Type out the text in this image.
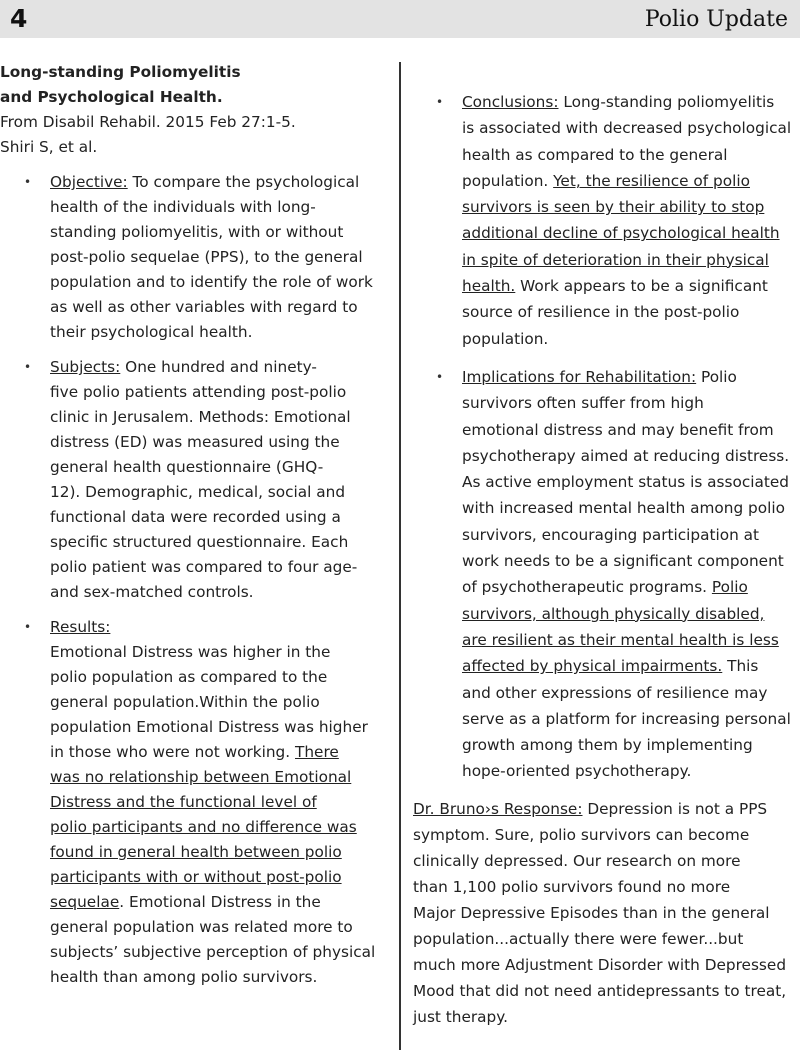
4	Polio Update
Long-standing Poliomyelitis
and Psychological Health.
From Disabil Rehabil. 2015 Feb 27:1-5.
Shiri S, et al.
• Objective: To compare the psychological
health of the individuals with long-
standing poliomyelitis, with or without
post-polio sequelae (PPS), to the general
population and to identify the role of work
as well as other variables with regard to
their psychological health.
• Subjects: One hundred and ninety-
five polio patients attending post-polio
clinic in Jerusalem. Methods: Emotional
distress (ED) was measured using the
general health questionnaire (GHQ-
12). Demographic, medical, social and
functional data were recorded using a
specific structured questionnaire. Each
polio patient was compared to four age-
and sex-matched controls.
• Results:
Emotional Distress was higher in the
polio population as compared to the
general population.Within the polio
population Emotional Distress was higher
in those who were not working. There
was no relationship between Emotional
Distress and the functional level of
polio participants and no difference was
found in general health between polio
participants with or without post-polio
sequelae. Emotional Distress in the
general population was related more to
subjects’ subjective perception of physical
health than among polio survivors.
• Conclusions: Long-standing poliomyelitis
is associated with decreased psychological
health as compared to the general
population. Yet, the resilience of polio
survivors is seen by their ability to stop
additional decline of psychological health
in spite of deterioration in their physical
health. Work appears to be a significant
source of resilience in the post-polio
population.
• Implications for Rehabilitation: Polio
survivors often suffer from high
emotional distress and may benefit from
psychotherapy aimed at reducing distress.
As active employment status is associated
with increased mental health among polio
survivors, encouraging participation at
work needs to be a significant component
of psychotherapeutic programs. Polio
survivors, although physically disabled,
are resilient as their mental health is less
affected by physical impairments. This
and other expressions of resilience may
serve as a platform for increasing personal
growth among them by implementing
hope-oriented psychotherapy.
Dr. Bruno›s Response: Depression is not a PPS
symptom. Sure, polio survivors can become
clinically depressed. Our research on more
than 1,100 polio survivors found no more
Major Depressive Episodes than in the general
population...actually there were fewer...but
much more Adjustment Disorder with Depressed
Mood that did not need antidepressants to treat,
just therapy.
